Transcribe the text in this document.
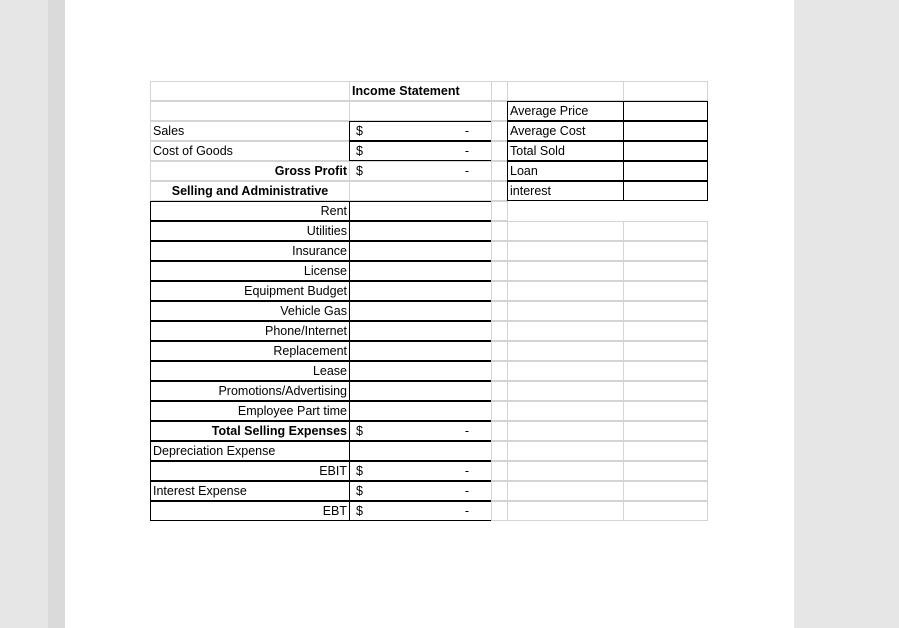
Income Statement
Sales	$	-
Cost of Goods	$	-
Gross Profit $	-
Selling and Administrative
Rent
Utilities
Insurance
License
Equipment Budget
Vehicle Gas
Phone/Internet
Replacement
Lease
Promotions/Advertising
Employee Part time
Total Selling Expenses $	-
Depreciation Expense
EBIT $	-
Interest Expense	$	-
EBT $	-
Average Price
Average Cost
Total Sold
Loan
interest
